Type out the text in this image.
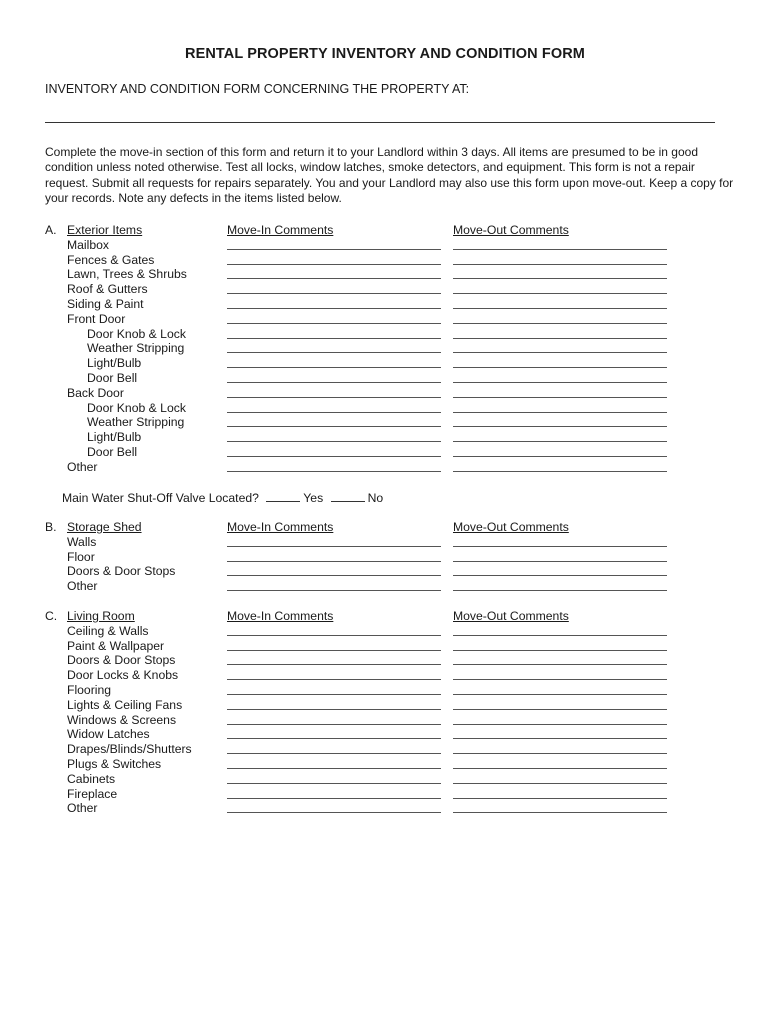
RENTAL PROPERTY INVENTORY AND CONDITION FORM
INVENTORY AND CONDITION FORM CONCERNING THE PROPERTY AT:
Complete the move-in section of this form and return it to your Landlord within 3 days. All items are presumed to be in good condition unless noted otherwise. Test all locks, window latches, smoke detectors, and equipment. This form is not a repair request. Submit all requests for repairs separately. You and your Landlord may also use this form upon move-out. Keep a copy for your records. Note any defects in the items listed below.
A. Exterior Items	Move-In Comments	Move-Out Comments
Mailbox
Fences & Gates
Lawn, Trees & Shrubs
Roof & Gutters
Siding & Paint
Front Door
Door Knob & Lock
Weather Stripping
Light/Bulb
Door Bell
Back Door
Door Knob & Lock
Weather Stripping
Light/Bulb
Door Bell
Other
Main Water Shut-Off Valve Located?	Yes	No
B. Storage Shed	Move-In Comments	Move-Out Comments
Walls
Floor
Doors & Door Stops
Other
C. Living Room	Move-In Comments	Move-Out Comments
Ceiling & Walls
Paint & Wallpaper
Doors & Door Stops
Door Locks & Knobs
Flooring
Lights & Ceiling Fans
Windows & Screens
Widow Latches
Drapes/Blinds/Shutters
Plugs & Switches
Cabinets
Fireplace
Other
